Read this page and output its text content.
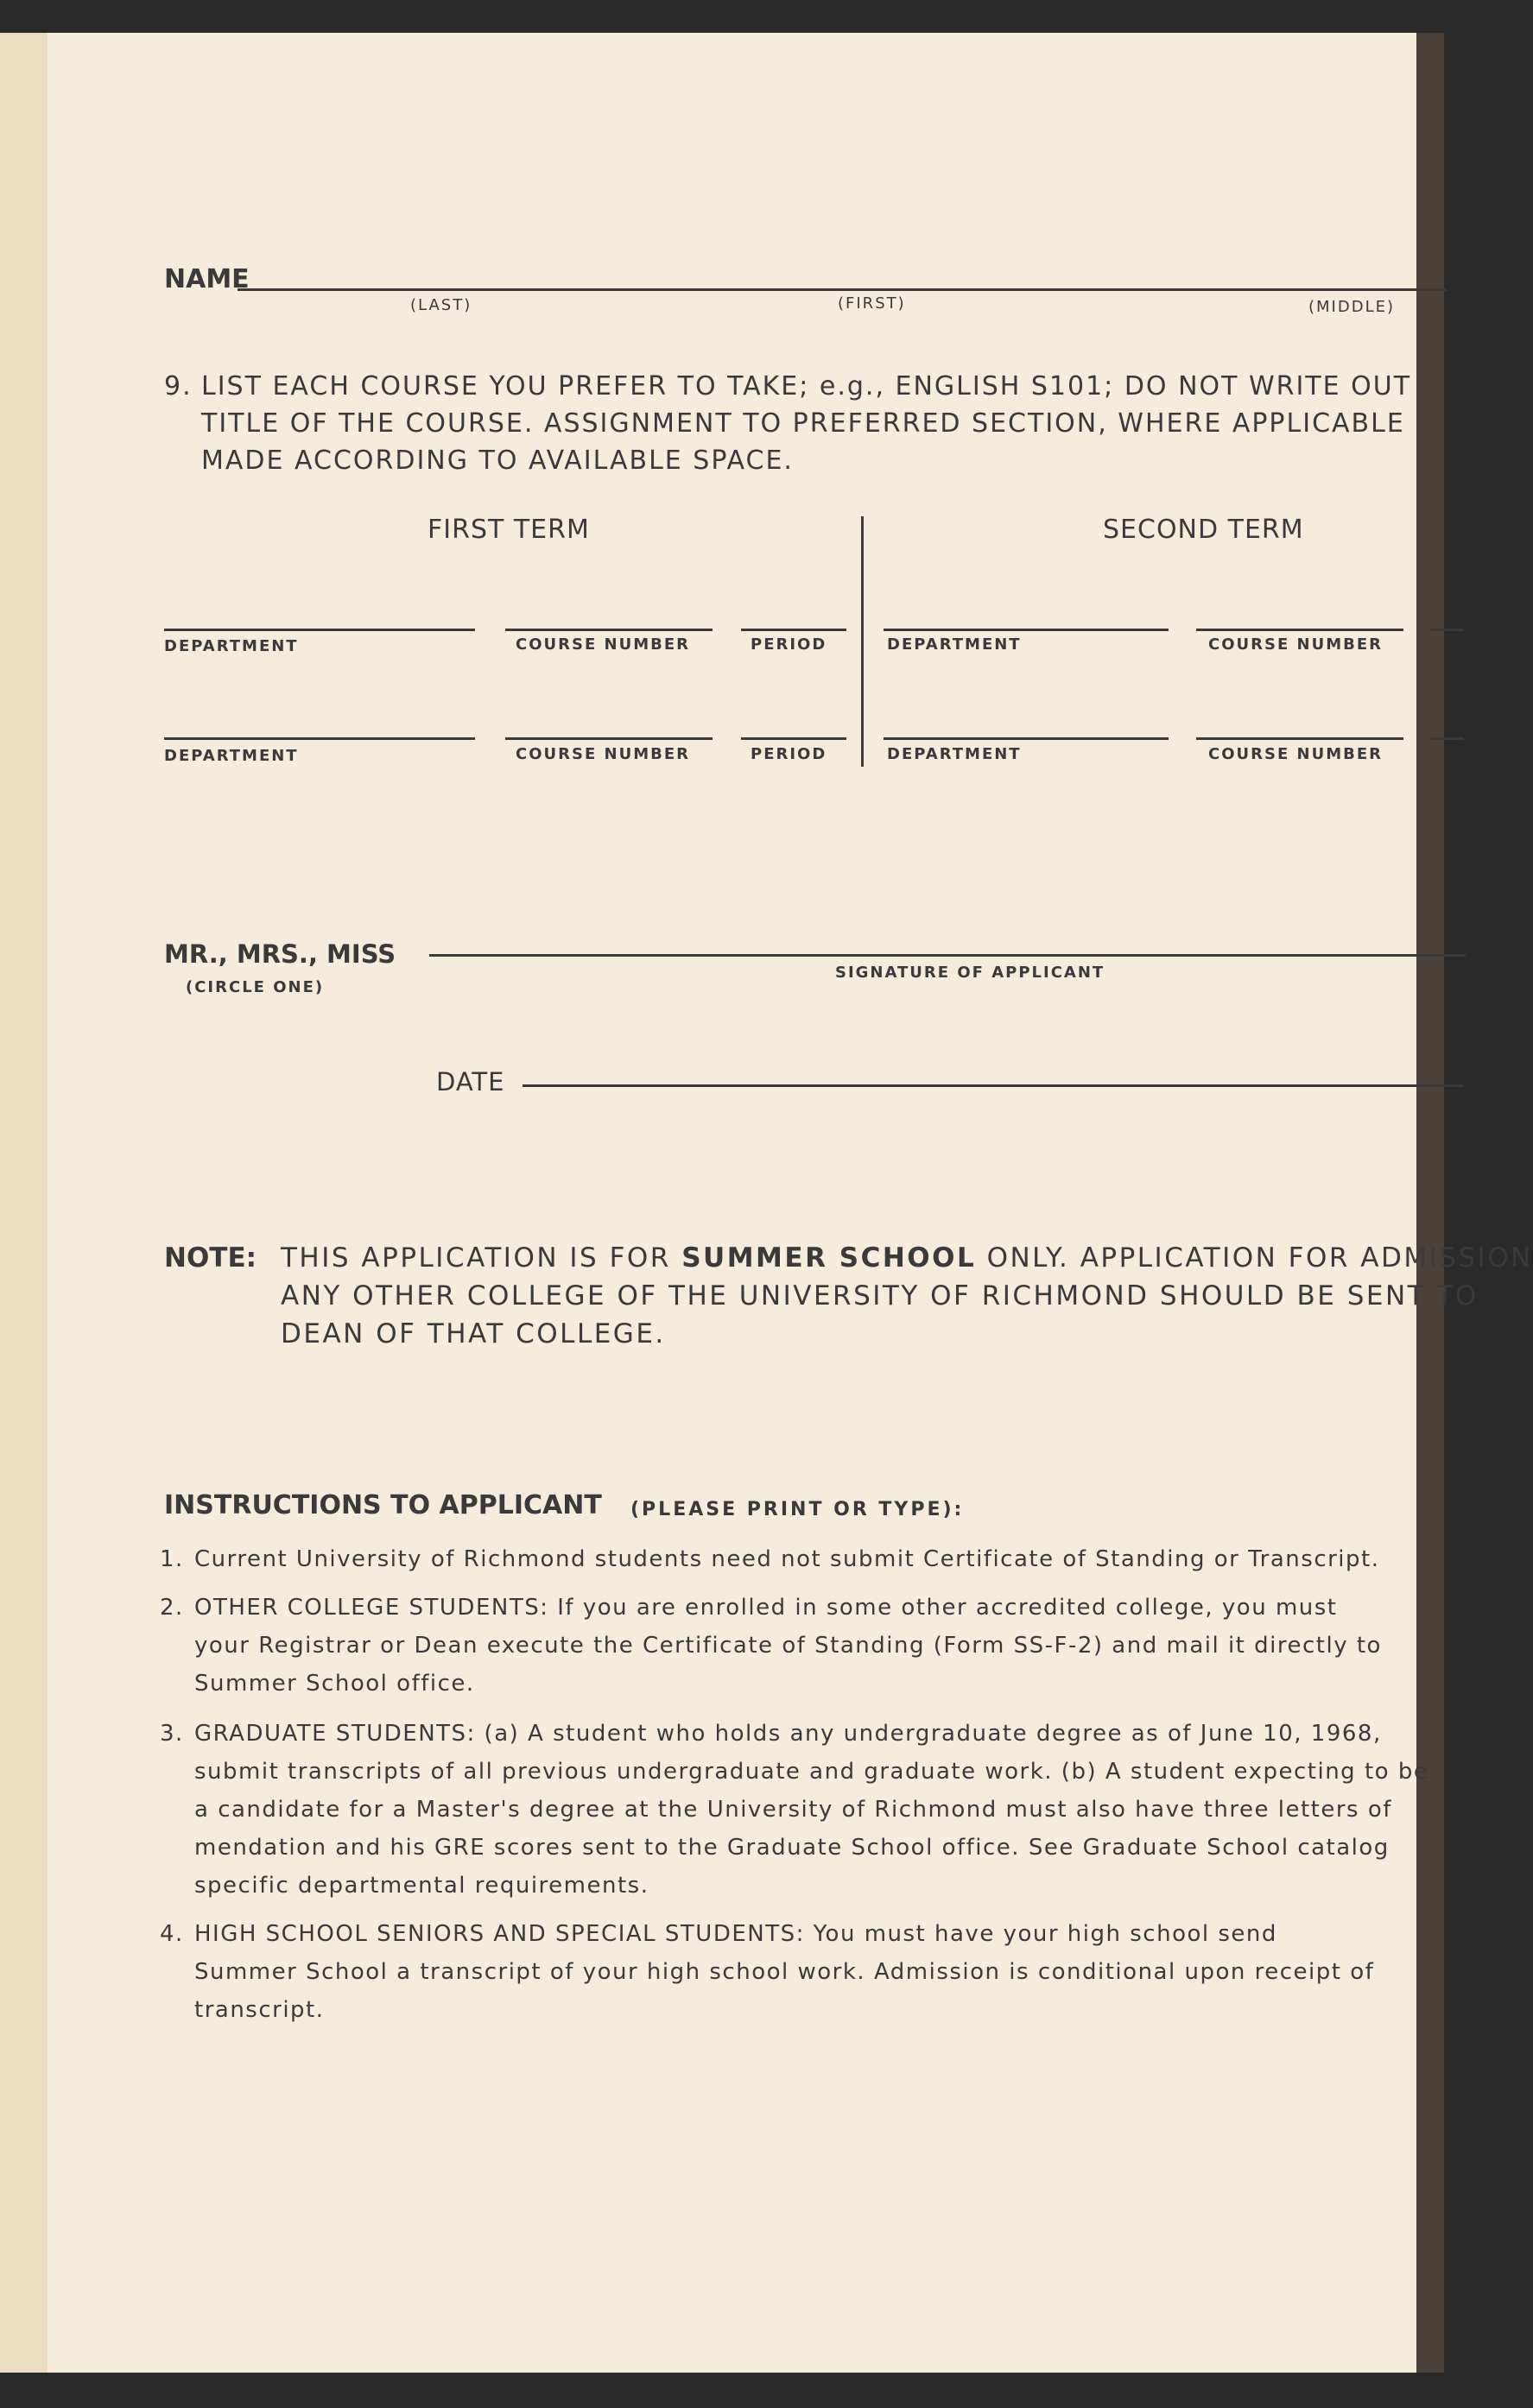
NAME
(LAST)	(FIRST)	(MIDDLE)
9. LIST EACH COURSE YOU PREFER TO TAKE; e.g., ENGLISH S101; DO NOT WRITE OUT
TITLE OF THE COURSE. ASSIGNMENT TO PREFERRED SECTION, WHERE APPLICABLE
MADE ACCORDING TO AVAILABLE SPACE.
FIRST TERM	SECOND TERM
DEPARTMENT	COURSE NUMBER	PERIOD	DEPARTMENT	COURSE NUMBER
DEPARTMENT	COURSE NUMBER	PERIOD	DEPARTMENT	COURSE NUMBER
MR., MRS., MISS
(CIRCLE ONE)
SIGNATURE OF APPLICANT
DATE
NOTE: THIS APPLICATION IS FOR SUMMER SCHOOL ONLY. APPLICATION FOR ADMISSION
ANY OTHER COLLEGE OF THE UNIVERSITY OF RICHMOND SHOULD BE SENT TO
DEAN OF THAT COLLEGE.
INSTRUCTIONS TO APPLICANT (PLEASE PRINT OR TYPE):
1. Current University of Richmond students need not submit Certificate of Standing or Transcript.
2. OTHER COLLEGE STUDENTS: If you are enrolled in some other accredited college, you must
your Registrar or Dean execute the Certificate of Standing (Form SS-F-2) and mail it directly to
Summer School office.
3. GRADUATE STUDENTS: (a) A student who holds any undergraduate degree as of June 10, 1968,
submit transcripts of all previous undergraduate and graduate work. (b) A student expecting to be
a candidate for a Master's degree at the University of Richmond must also have three letters of
mendation and his GRE scores sent to the Graduate School office. See Graduate School catalog
specific departmental requirements.
4. HIGH SCHOOL SENIORS AND SPECIAL STUDENTS: You must have your high school send
Summer School a transcript of your high school work. Admission is conditional upon receipt of
transcript.
